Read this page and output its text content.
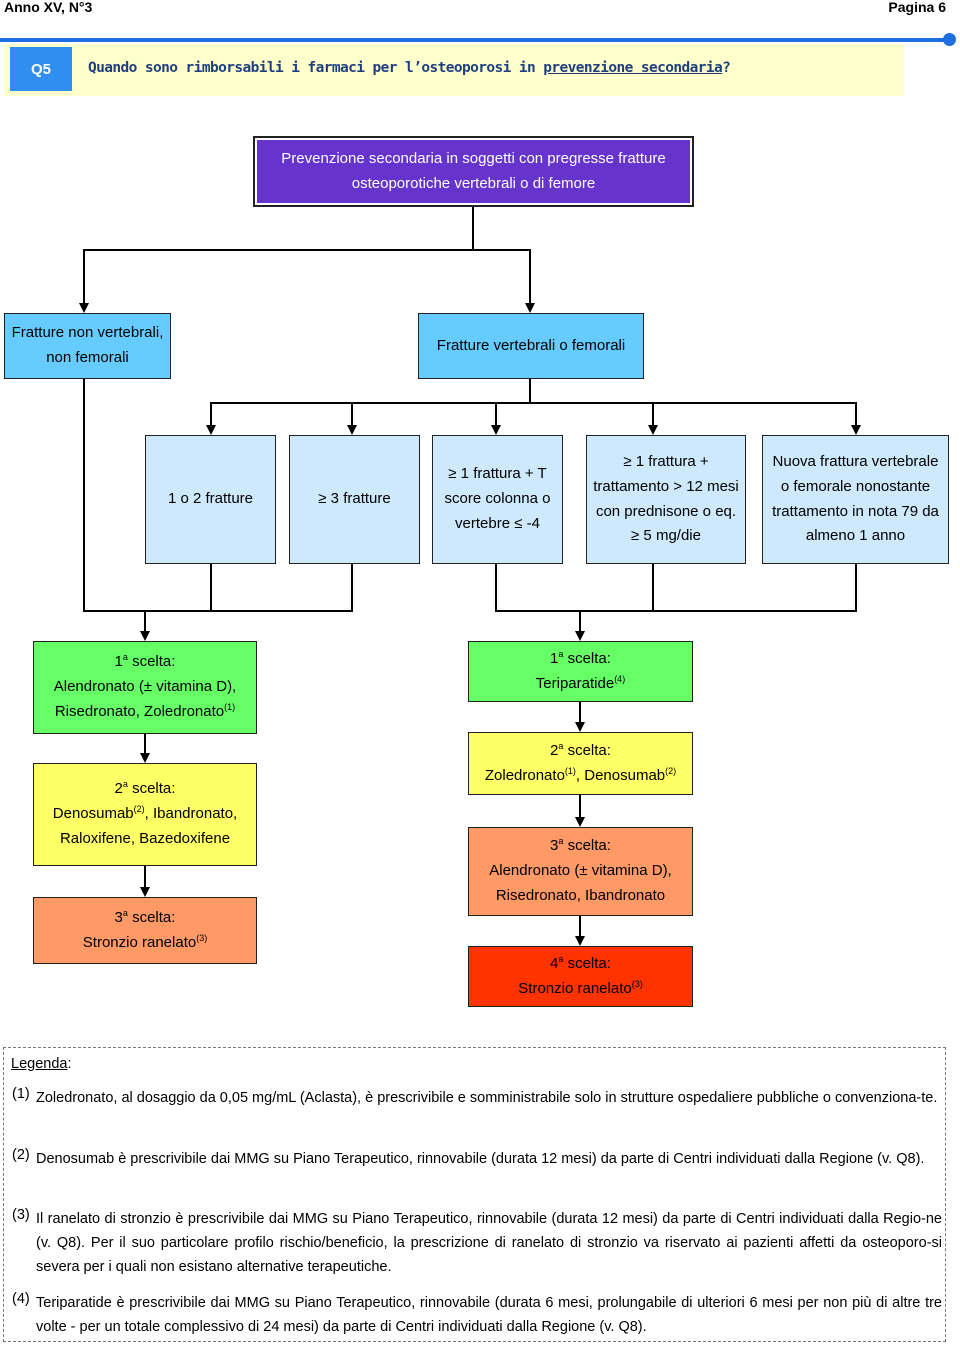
Anno XV, N°3	Pagina 6
Q5	Quando sono rimborsabili i farmaci per l’osteoporosi in prevenzione secondaria?
Prevenzione secondaria in soggetti con pregresse fratture
osteoporotiche vertebrali o di femore
Fratture non vertebrali,
non femorali
Fratture vertebrali o femorali
1 o 2 fratture	≥ 3 fratture
≥ 1 frattura + T
score colonna o
vertebre ≤ -4
≥ 1 frattura +
trattamento > 12 mesi
con prednisone o eq.
≥ 5 mg/die
Nuova frattura vertebrale
o femorale nonostante
trattamento in nota 79 da
almeno 1 anno
1$^a$ scelta:
Alendronato (± vitamina D),
Risedronato, Zoledronato$^{(1)}$
2$^a$ scelta:
Denosumab$^{(2)}$, Ibandronato,
Raloxifene, Bazedoxifene
3$^a$ scelta:
Stronzio ranelato$^{(3)}$
1$^a$ scelta:
Teriparatide$^{(4)}$
2$^a$ scelta:
Zoledronato$^{(1)}$, Denosumab$^{(2)}$
3$^a$ scelta:
Alendronato (± vitamina D),
Risedronato, Ibandronato
4$^a$ scelta:
Stronzio ranelato$^{(3)}$
Legenda:
(1) Zoledronato, al dosaggio da 0,05 mg/mL (Aclasta), è prescrivibile e somministrabile solo in strutture ospedaliere pubbliche o convenziona-te.
(2) Denosumab è prescrivibile dai MMG su Piano Terapeutico, rinnovabile (durata 12 mesi) da parte di Centri individuati dalla Regione (v. Q8).
(3) Il ranelato di stronzio è prescrivibile dai MMG su Piano Terapeutico, rinnovabile (durata 12 mesi) da parte di Centri individuati dalla Regio-ne (v. Q8). Per il suo particolare profilo rischio/beneficio, la prescrizione di ranelato di stronzio va riservato ai pazienti affetti da osteoporo-si severa per i quali non esistano alternative terapeutiche.
(4) Teriparatide è prescrivibile dai MMG su Piano Terapeutico, rinnovabile (durata 6 mesi, prolungabile di ulteriori 6 mesi per non più di altre tre volte - per un totale complessivo di 24 mesi) da parte di Centri individuati dalla Regione (v. Q8).
